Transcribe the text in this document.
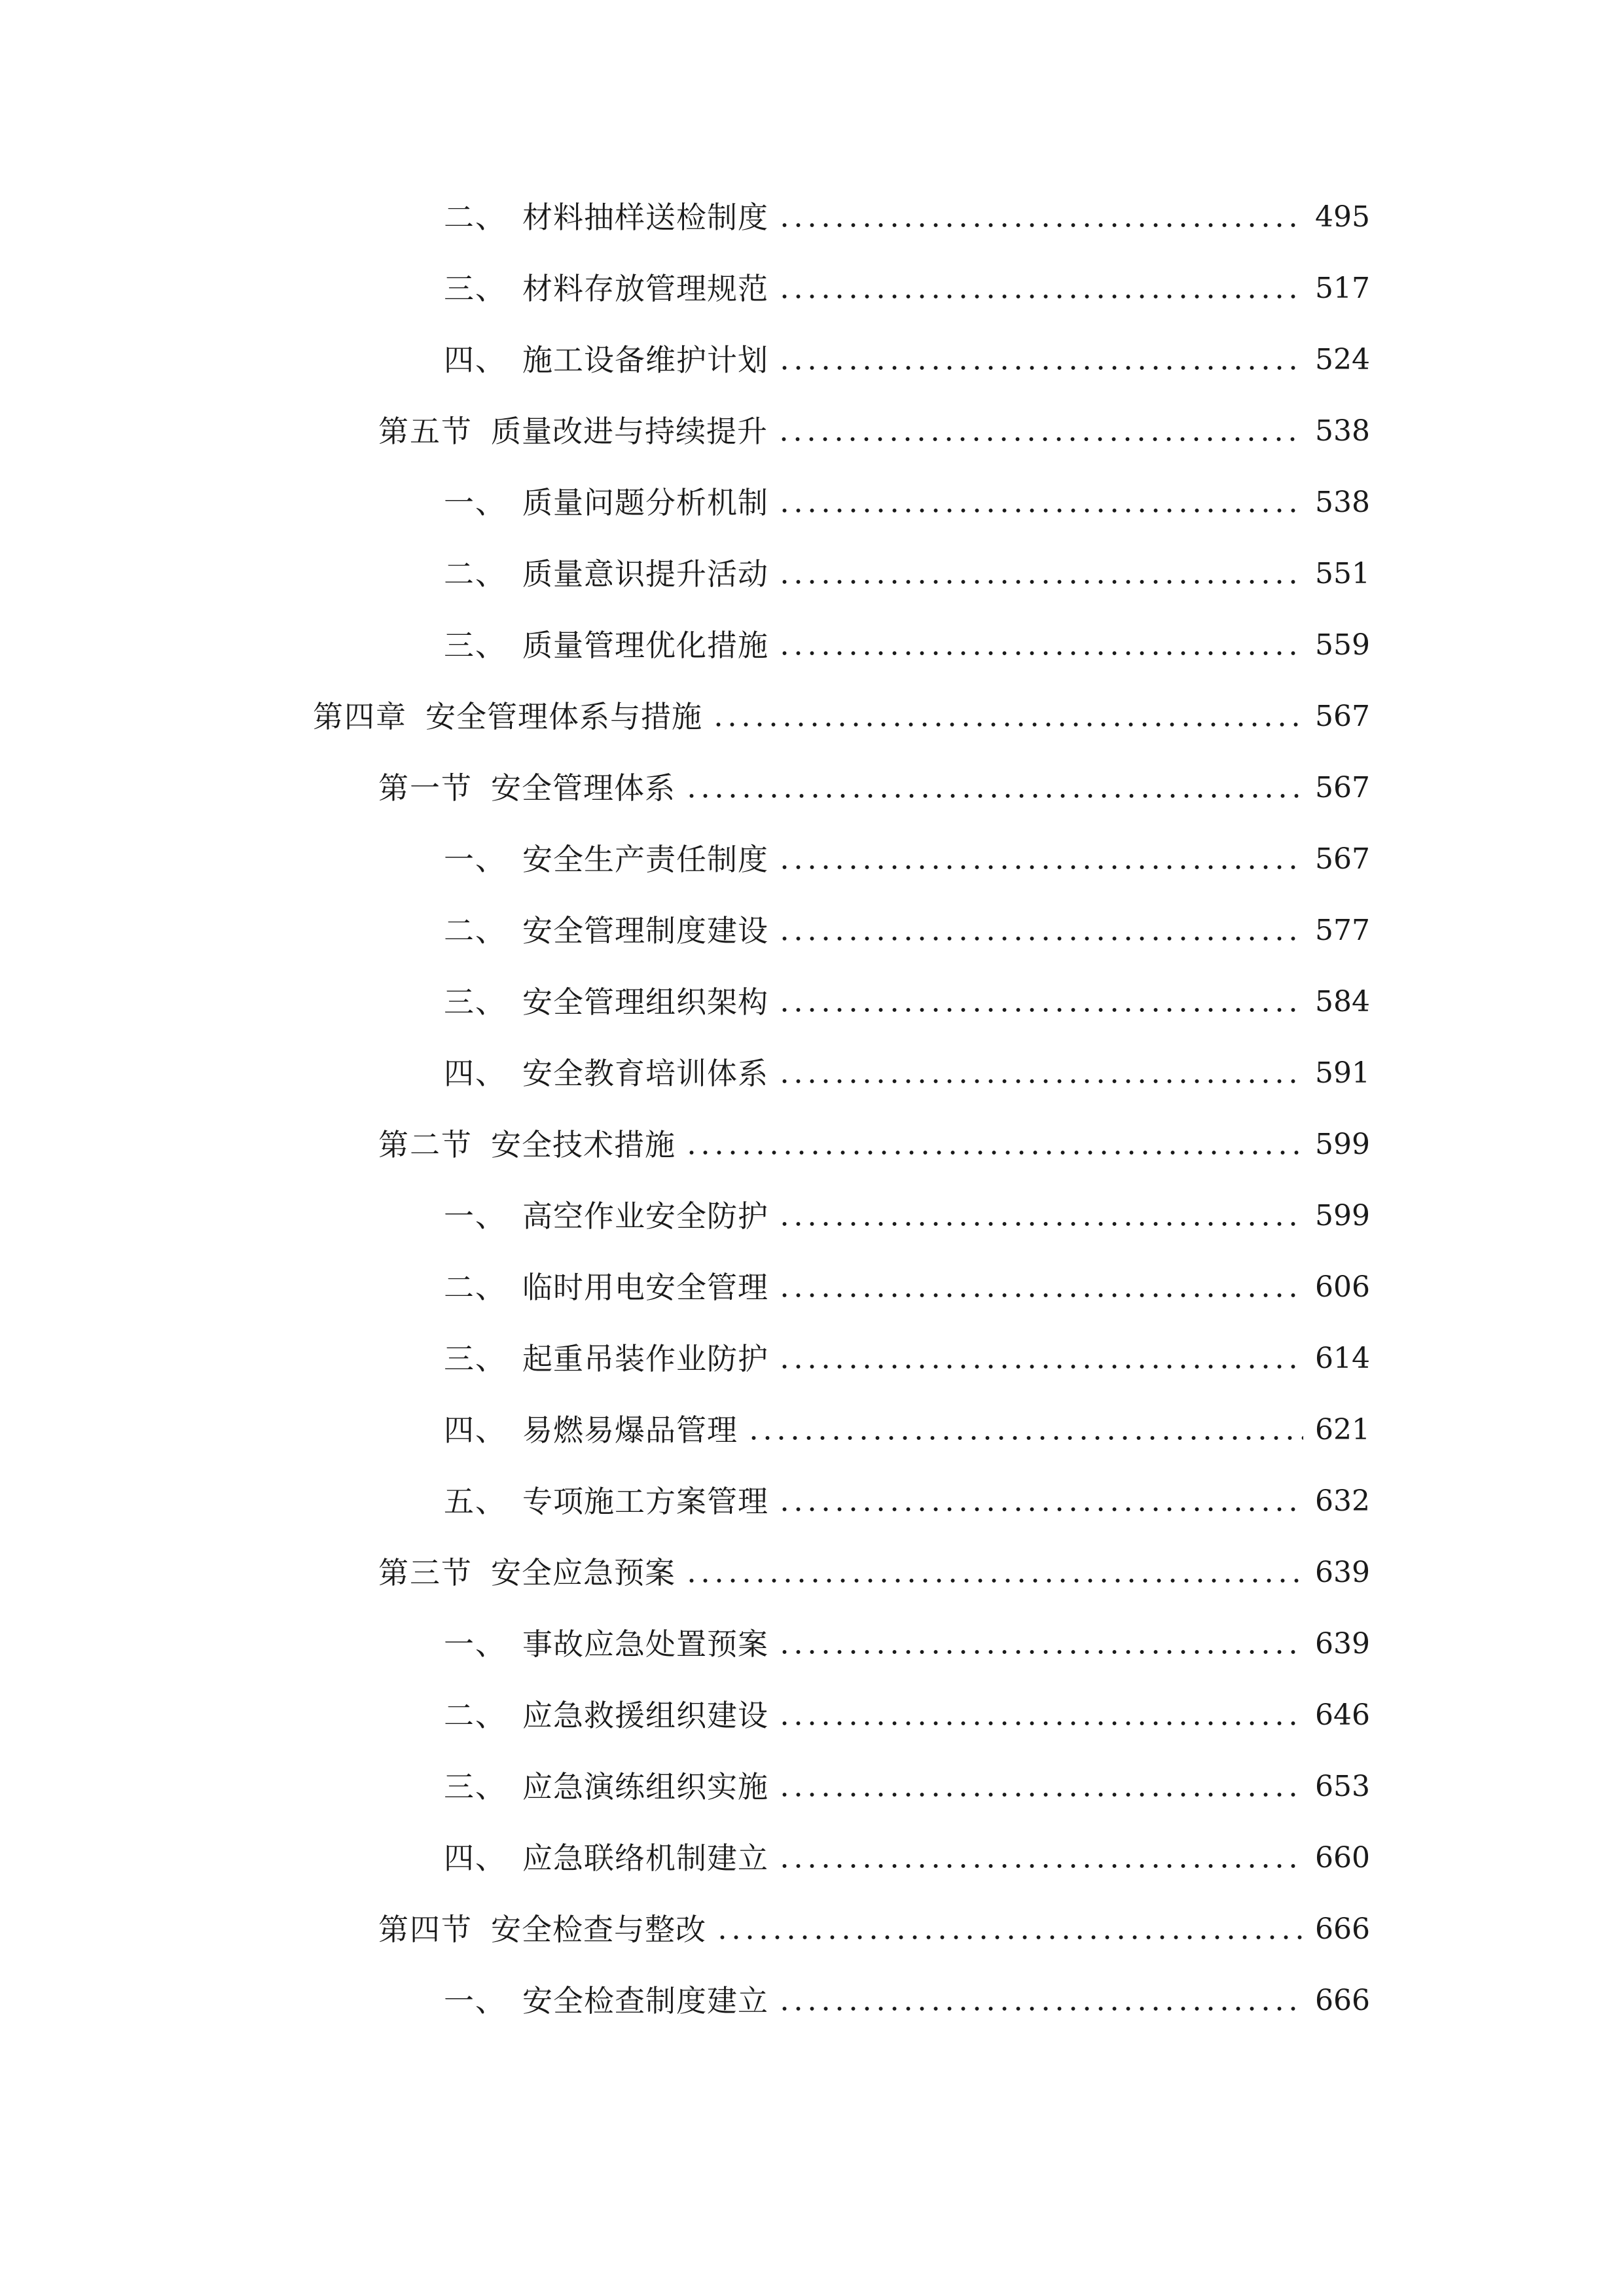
二、 材料抽样送检制度	495
三、 材料存放管理规范	517
四、 施工设备维护计划	524
第五节 质量改进与持续提升	538
一、 质量问题分析机制	538
二、 质量意识提升活动	551
三、 质量管理优化措施	559
第四章 安全管理体系与措施	567
第一节 安全管理体系	567
一、 安全生产责任制度	567
二、 安全管理制度建设	577
三、 安全管理组织架构	584
四、 安全教育培训体系	591
第二节 安全技术措施	599
一、 高空作业安全防护	599
二、 临时用电安全管理	606
三、 起重吊装作业防护	614
四、 易燃易爆品管理	621
五、 专项施工方案管理	632
第三节 安全应急预案	639
一、 事故应急处置预案	639
二、 应急救援组织建设	646
三、 应急演练组织实施	653
四、 应急联络机制建立	660
第四节 安全检查与整改	666
一、 安全检查制度建立	666
